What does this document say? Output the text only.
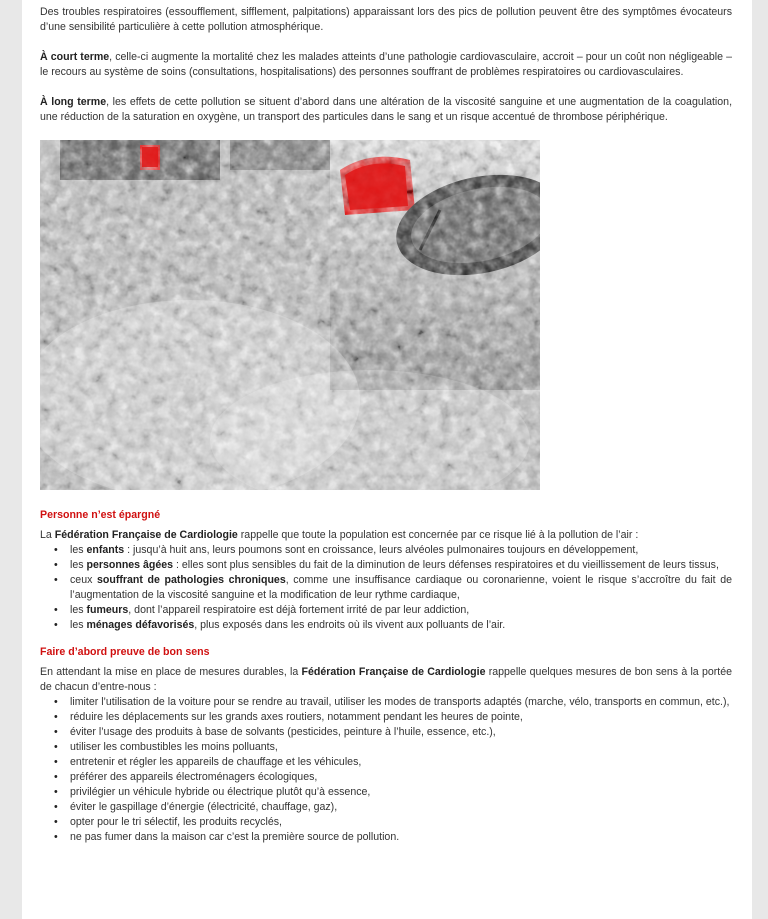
Des troubles respiratoires (essoufflement, sifflement, palpitations) apparaissant lors des pics de pollution peuvent être des symptômes évocateurs d’une sensibilité particulière à cette pollution atmosphérique.

À court terme, celle-ci augmente la mortalité chez les malades atteints d’une pathologie cardiovasculaire, accroit – pour un coût non négligeable – le recours au système de soins (consultations, hospitalisations) des personnes souffrant de problèmes respiratoires ou cardiovasculaires.

À long terme, les effets de cette pollution se situent d’abord dans une altération de la viscosité sanguine et une augmentation de la coagulation, une réduction de la saturation en oxygène, un transport des particules dans le sang et un risque accentué de thrombose périphérique.

Personne n’est épargné

La Fédération Française de Cardiologie rappelle que toute la population est concernée par ce risque lié à la pollution de l’air :

• les enfants : jusqu’à huit ans, leurs poumons sont en croissance, leurs alvéoles pulmonaires toujours en développement,
• les personnes âgées : elles sont plus sensibles du fait de la diminution de leurs défenses respiratoires et du vieillissement de leurs tissus,
• ceux souffrant de pathologies chroniques, comme une insuffisance cardiaque ou coronarienne, voient le risque s’accroître du fait de l’augmentation de la viscosité sanguine et la modification de leur rythme cardiaque,
• les fumeurs, dont l’appareil respiratoire est déjà fortement irrité de par leur addiction,
• les ménages défavorisés, plus exposés dans les endroits où ils vivent aux polluants de l’air.
Faire d’abord preuve de bon sens

En attendant la mise en place de mesures durables, la Fédération Française de Cardiologie rappelle quelques mesures de bon sens à la portée de chacun d’entre-nous :

• limiter l’utilisation de la voiture pour se rendre au travail, utiliser les modes de transports adaptés (marche, vélo, transports en commun, etc.),
• réduire les déplacements sur les grands axes routiers, notamment pendant les heures de pointe,
• éviter l’usage des produits à base de solvants (pesticides, peinture à l’huile, essence, etc.),
• utiliser les combustibles les moins polluants,
• entretenir et régler les appareils de chauffage et les véhicules,
• préférer des appareils électroménagers écologiques,
• privilégier un véhicule hybride ou électrique plutôt qu’à essence,
• éviter le gaspillage d’énergie (électricité, chauffage, gaz),
• opter pour le tri sélectif, les produits recyclés,
• ne pas fumer dans la maison car c’est la première source de pollution.
